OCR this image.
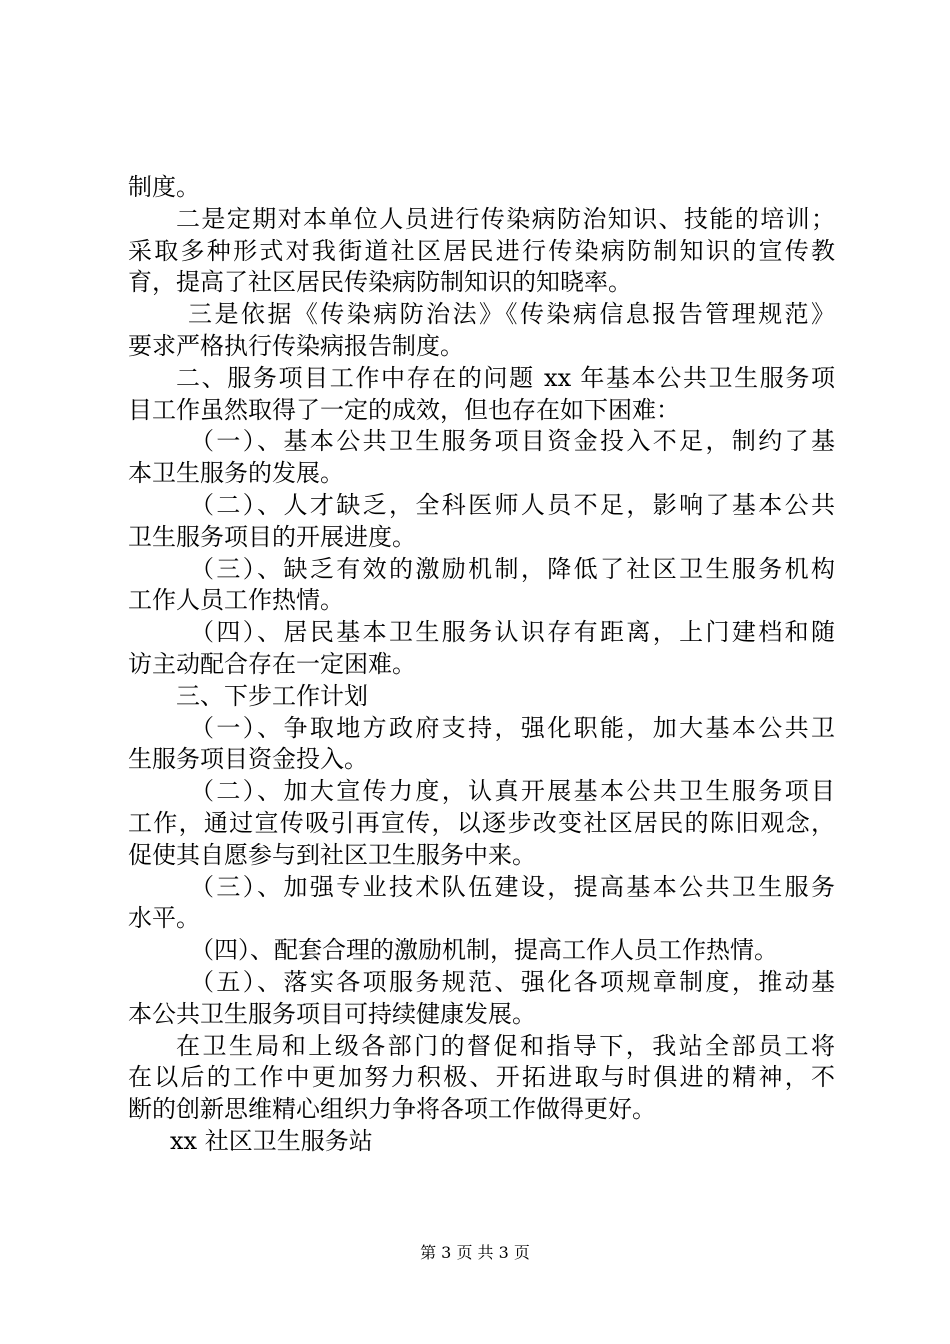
制度。
二是定期对本单位人员进行传染病防治知识、技能的培训；
采取多种形式对我街道社区居民进行传染病防制知识的宣传教
育，提高了社区居民传染病防制知识的知晓率。
三是依据《传染病防治法》《传染病信息报告管理规范》
要求严格执行传染病报告制度。
二、服务项目工作中存在的问题 xx 年基本公共卫生服务项
目工作虽然取得了一定的成效，但也存在如下困难：
（一）、基本公共卫生服务项目资金投入不足，制约了基
本卫生服务的发展。
（二）、人才缺乏，全科医师人员不足，影响了基本公共
卫生服务项目的开展进度。
（三）、缺乏有效的激励机制，降低了社区卫生服务机构
工作人员工作热情。
（四）、居民基本卫生服务认识存有距离，上门建档和随
访主动配合存在一定困难。
三、下步工作计划
（一）、争取地方政府支持，强化职能，加大基本公共卫
生服务项目资金投入。
（二）、加大宣传力度，认真开展基本公共卫生服务项目
工作，通过宣传吸引再宣传，以逐步改变社区居民的陈旧观念，
促使其自愿参与到社区卫生服务中来。
（三）、加强专业技术队伍建设，提高基本公共卫生服务
水平。
（四）、配套合理的激励机制，提高工作人员工作热情。
（五）、落实各项服务规范、强化各项规章制度，推动基
本公共卫生服务项目可持续健康发展。
在卫生局和上级各部门的督促和指导下，我站全部员工将
在以后的工作中更加努力积极、开拓进取与时俱进的精神，不
断的创新思维精心组织力争将各项工作做得更好。
xx 社区卫生服务站
第 3 页 共 3 页
